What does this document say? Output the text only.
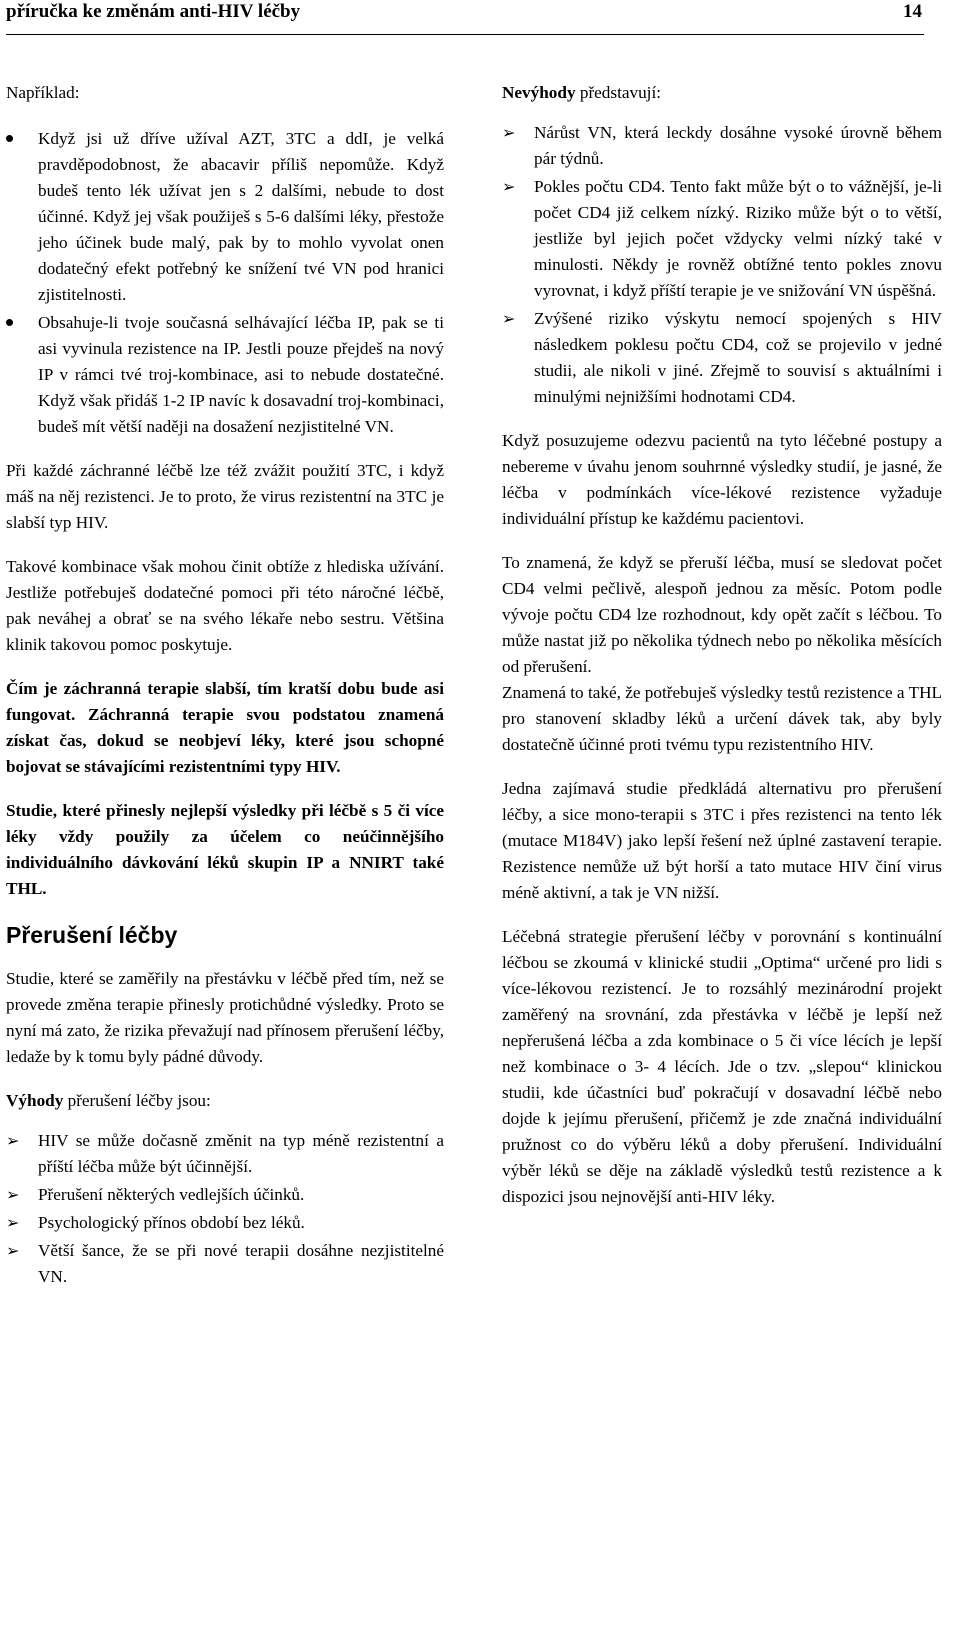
příručka ke změnám anti-HIV léčby	14

Například:

Když jsi už dříve užíval AZT, 3TC a ddI, je velká pravděpodobnost, že abacavir příliš nepomůže. Když budeš tento lék užívat jen s 2 dalšími, nebude to dost účinné. Když jej však použiješ s 5-6 dalšími léky, přestože jeho účinek bude malý, pak by to mohlo vyvolat onen dodatečný efekt potřebný ke snížení tvé VN pod hranici zjistitelnosti.
Obsahuje-li tvoje současná selhávající léčba IP, pak se ti asi vyvinula rezistence na IP. Jestli pouze přejdeš na nový IP v rámci tvé troj-kombinace, asi to nebude dostatečné. Když však přidáš 1-2 IP navíc k dosavadní troj-kombinaci, budeš mít větší naději na dosažení nezjistitelné VN.

Při každé záchranné léčbě lze též zvážit použití 3TC, i když máš na něj rezistenci. Je to proto, že virus rezistentní na 3TC je slabší typ HIV.

Takové kombinace však mohou činit obtíže z hlediska užívání. Jestliže potřebuješ dodatečné pomoci při této náročné léčbě, pak neváhej a obrať se na svého lékaře nebo sestru. Většina klinik takovou pomoc poskytuje.

Čím je záchranná terapie slabší, tím kratší dobu bude asi fungovat. Záchranná terapie svou podstatou znamená získat čas, dokud se neobjeví léky, které jsou schopné bojovat se stávajícími rezistentními typy HIV.

Studie, které přinesly nejlepší výsledky při léčbě s 5 či více léky vždy použily za účelem co neúčinnějšího individuálního dávkování léků skupin IP a NNIRT také THL.

Přerušení léčby

Studie, které se zaměřily na přestávku v léčbě před tím, než se provede změna terapie přinesly protichůdné výsledky. Proto se nyní má zato, že rizika převažují nad přínosem přerušení léčby, ledaže by k tomu byly pádné důvody.

Výhody přerušení léčby jsou:

➢ HIV se může dočasně změnit na typ méně rezistentní a příští léčba může být účinnější.
➢ Přerušení některých vedlejších účinků.
➢ Psychologický přínos období bez léků.
➢ Větší šance, že se při nové terapii dosáhne nezjistitelné VN.

Nevýhody představují:

➢ Nárůst VN, která leckdy dosáhne vysoké úrovně během pár týdnů.
➢ Pokles počtu CD4. Tento fakt může být o to vážnější, je-li počet CD4 již celkem nízký. Riziko může být o to větší, jestliže byl jejich počet vždycky velmi nízký také v minulosti. Někdy je rovněž obtížné tento pokles znovu vyrovnat, i když příští terapie je ve snižování VN úspěšná.
➢ Zvýšené riziko výskytu nemocí spojených s HIV následkem poklesu počtu CD4, což se projevilo v jedné studii, ale nikoli v jiné. Zřejmě to souvisí s aktuálními i minulými nejnižšími hodnotami CD4.

Když posuzujeme odezvu pacientů na tyto léčebné postupy a nebereme v úvahu jenom souhrnné výsledky studií, je jasné, že léčba v podmínkách více-lékové rezistence vyžaduje individuální přístup ke každému pacientovi.

To znamená, že když se přeruší léčba, musí se sledovat počet CD4 velmi pečlivě, alespoň jednou za měsíc. Potom podle vývoje počtu CD4 lze rozhodnout, kdy opět začít s léčbou. To může nastat již po několika týdnech nebo po několika měsících od přerušení.

Znamená to také, že potřebuješ výsledky testů rezistence a THL pro stanovení skladby léků a určení dávek tak, aby byly dostatečně účinné proti tvému typu rezistentního HIV.

Jedna zajímavá studie předkládá alternativu pro přerušení léčby, a sice mono-terapii s 3TC i přes rezistenci na tento lék (mutace M184V) jako lepší řešení než úplné zastavení terapie. Rezistence nemůže už být horší a tato mutace HIV činí virus méně aktivní, a tak je VN nižší.

Léčebná strategie přerušení léčby v porovnání s kontinuální léčbou se zkoumá v klinické studii „Optima“ určené pro lidi s více-lékovou rezistencí. Je to rozsáhlý mezinárodní projekt zaměřený na srovnání, zda přestávka v léčbě je lepší než nepřerušená léčba a zda kombinace o 5 či více lécích je lepší než kombinace o 3- 4 lécích. Jde o tzv. „slepou“ klinickou studii, kde účastníci buď pokračují v dosavadní léčbě nebo dojde k jejímu přerušení, přičemž je zde značná individuální pružnost co do výběru léků a doby přerušení. Individuální výběr léků se děje na základě výsledků testů rezistence a k dispozici jsou nejnovější anti-HIV léky.
